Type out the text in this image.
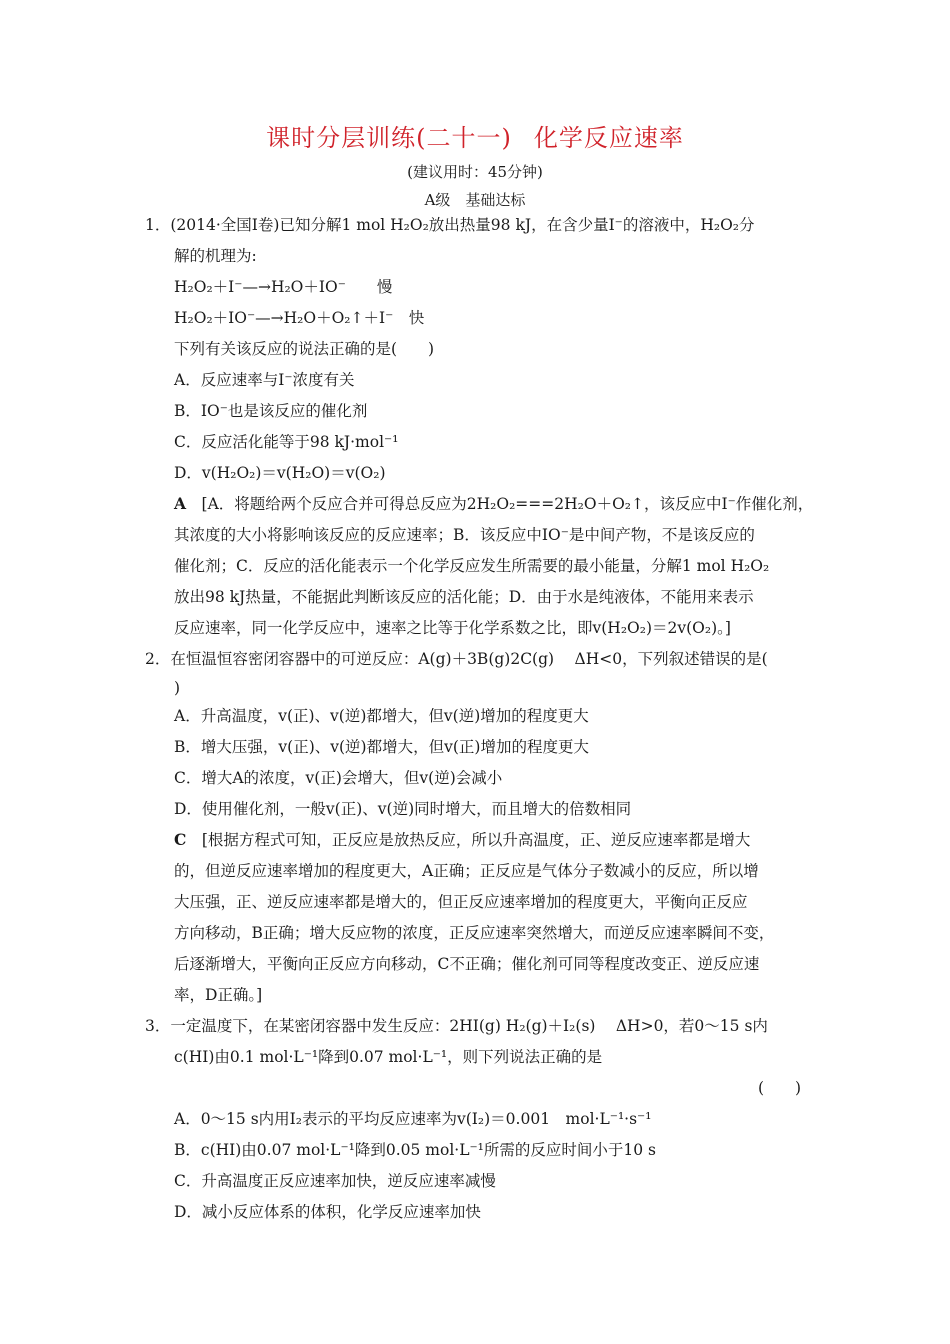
课时分层训练(二十一) 化学反应速率
(建议用时：45分钟)
A级　基础达标
1．(2014·全国Ⅰ卷)已知分解1 mol H₂O₂放出热量98 kJ，在含少量I⁻的溶液中，H₂O₂分
解的机理为:
H₂O₂＋I⁻—→H₂O＋IO⁻　　慢
H₂O₂＋IO⁻—→H₂O＋O₂↑＋I⁻　快
下列有关该反应的说法正确的是(　　)
A．反应速率与I⁻浓度有关
B．IO⁻也是该反应的催化剂
C．反应活化能等于98 kJ·mol⁻¹
D．v(H₂O₂)＝v(H₂O)＝v(O₂)
A　 [A．将题给两个反应合并可得总反应为2H₂O₂===2H₂O＋O₂↑，该反应中I⁻作催化剂，
其浓度的大小将影响该反应的反应速率；B．该反应中IO⁻是中间产物，不是该反应的
催化剂；C．反应的活化能表示一个化学反应发生所需要的最小能量，分解1 mol H₂O₂
放出98 kJ热量，不能据此判断该反应的活化能；D．由于水是纯液体，不能用来表示
反应速率，同一化学反应中，速率之比等于化学系数之比，即v(H₂O₂)＝2v(O₂)。]
2．在恒温恒容密闭容器中的可逆反应：A(g)＋3B(g)2C(g)　 ΔH<0，下列叙述错误的是(
)
A．升高温度，v(正)、v(逆)都增大，但v(逆)增加的程度更大
B．增大压强，v(正)、v(逆)都增大，但v(正)增加的程度更大
C．增大A的浓度，v(正)会增大，但v(逆)会减小
D．使用催化剂，一般v(正)、v(逆)同时增大，而且增大的倍数相同
C　 [根据方程式可知，正反应是放热反应，所以升高温度，正、逆反应速率都是增大
的，但逆反应速率增加的程度更大，A正确；正反应是气体分子数减小的反应，所以增
大压强，正、逆反应速率都是增大的，但正反应速率增加的程度更大，平衡向正反应
方向移动，B正确；增大反应物的浓度，正反应速率突然增大，而逆反应速率瞬间不变，
后逐渐增大，平衡向正反应方向移动，C不正确；催化剂可同等程度改变正、逆反应速
率，D正确。]
3．一定温度下，在某密闭容器中发生反应：2HI(g) H₂(g)＋I₂(s)　 ΔH>0，若0～15 s内
c(HI)由0.1 mol·L⁻¹降到0.07 mol·L⁻¹，则下列说法正确的是
(　　)
A．0～15 s内用I₂表示的平均反应速率为v(I₂)＝0.001　mol·L⁻¹·s⁻¹
B．c(HI)由0.07 mol·L⁻¹降到0.05 mol·L⁻¹所需的反应时间小于10 s
C．升高温度正反应速率加快，逆反应速率减慢
D．减小反应体系的体积，化学反应速率加快
